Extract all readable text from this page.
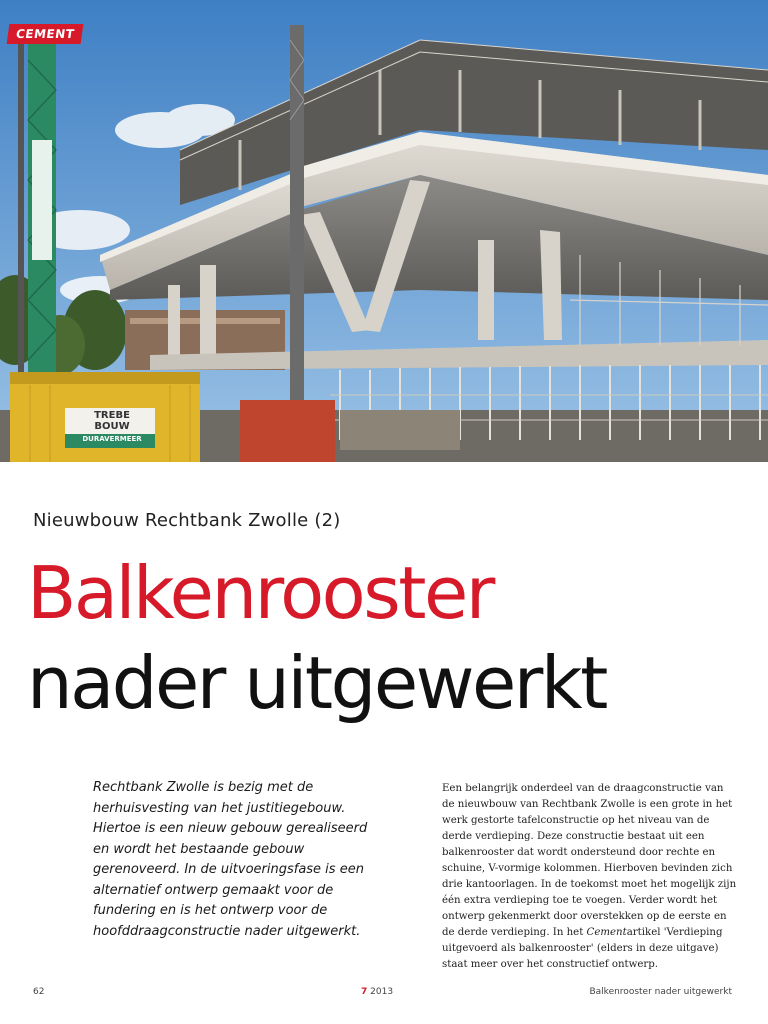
TREBE
BOUW
DURAVERMEER
CEMENT
Nieuwbouw Rechtbank Zwolle (2)
Balkenrooster
nader uitgewerkt
Rechtbank Zwolle is bezig met de herhuisvesting van het justitiegebouw. Hiertoe is een nieuw gebouw gerealiseerd en wordt het bestaande gebouw gerenoveerd. In de uitvoeringsfase is een alternatief ontwerp gemaakt voor de fundering en is het ontwerp voor de hoofddraagconstructie nader uitgewerkt.
Een belangrijk onderdeel van de draagconstructie van de nieuwbouw van Rechtbank Zwolle is een grote in het werk gestorte tafelconstructie op het niveau van de derde verdieping. Deze constructie bestaat uit een balkenrooster dat wordt ondersteund door rechte en schuine, V-vormige kolommen. Hierboven bevinden zich drie kantoorlagen. In de toekomst moet het mogelijk zijn één extra verdieping toe te voegen. Verder wordt het ontwerp gekenmerkt door overstekken op de eerste en de derde verdieping. In het Cementartikel 'Verdieping uitgevoerd als balkenrooster' (elders in deze uitgave) staat meer over het constructief ontwerp.
62	7 2013	Balkenrooster nader uitgewerkt
